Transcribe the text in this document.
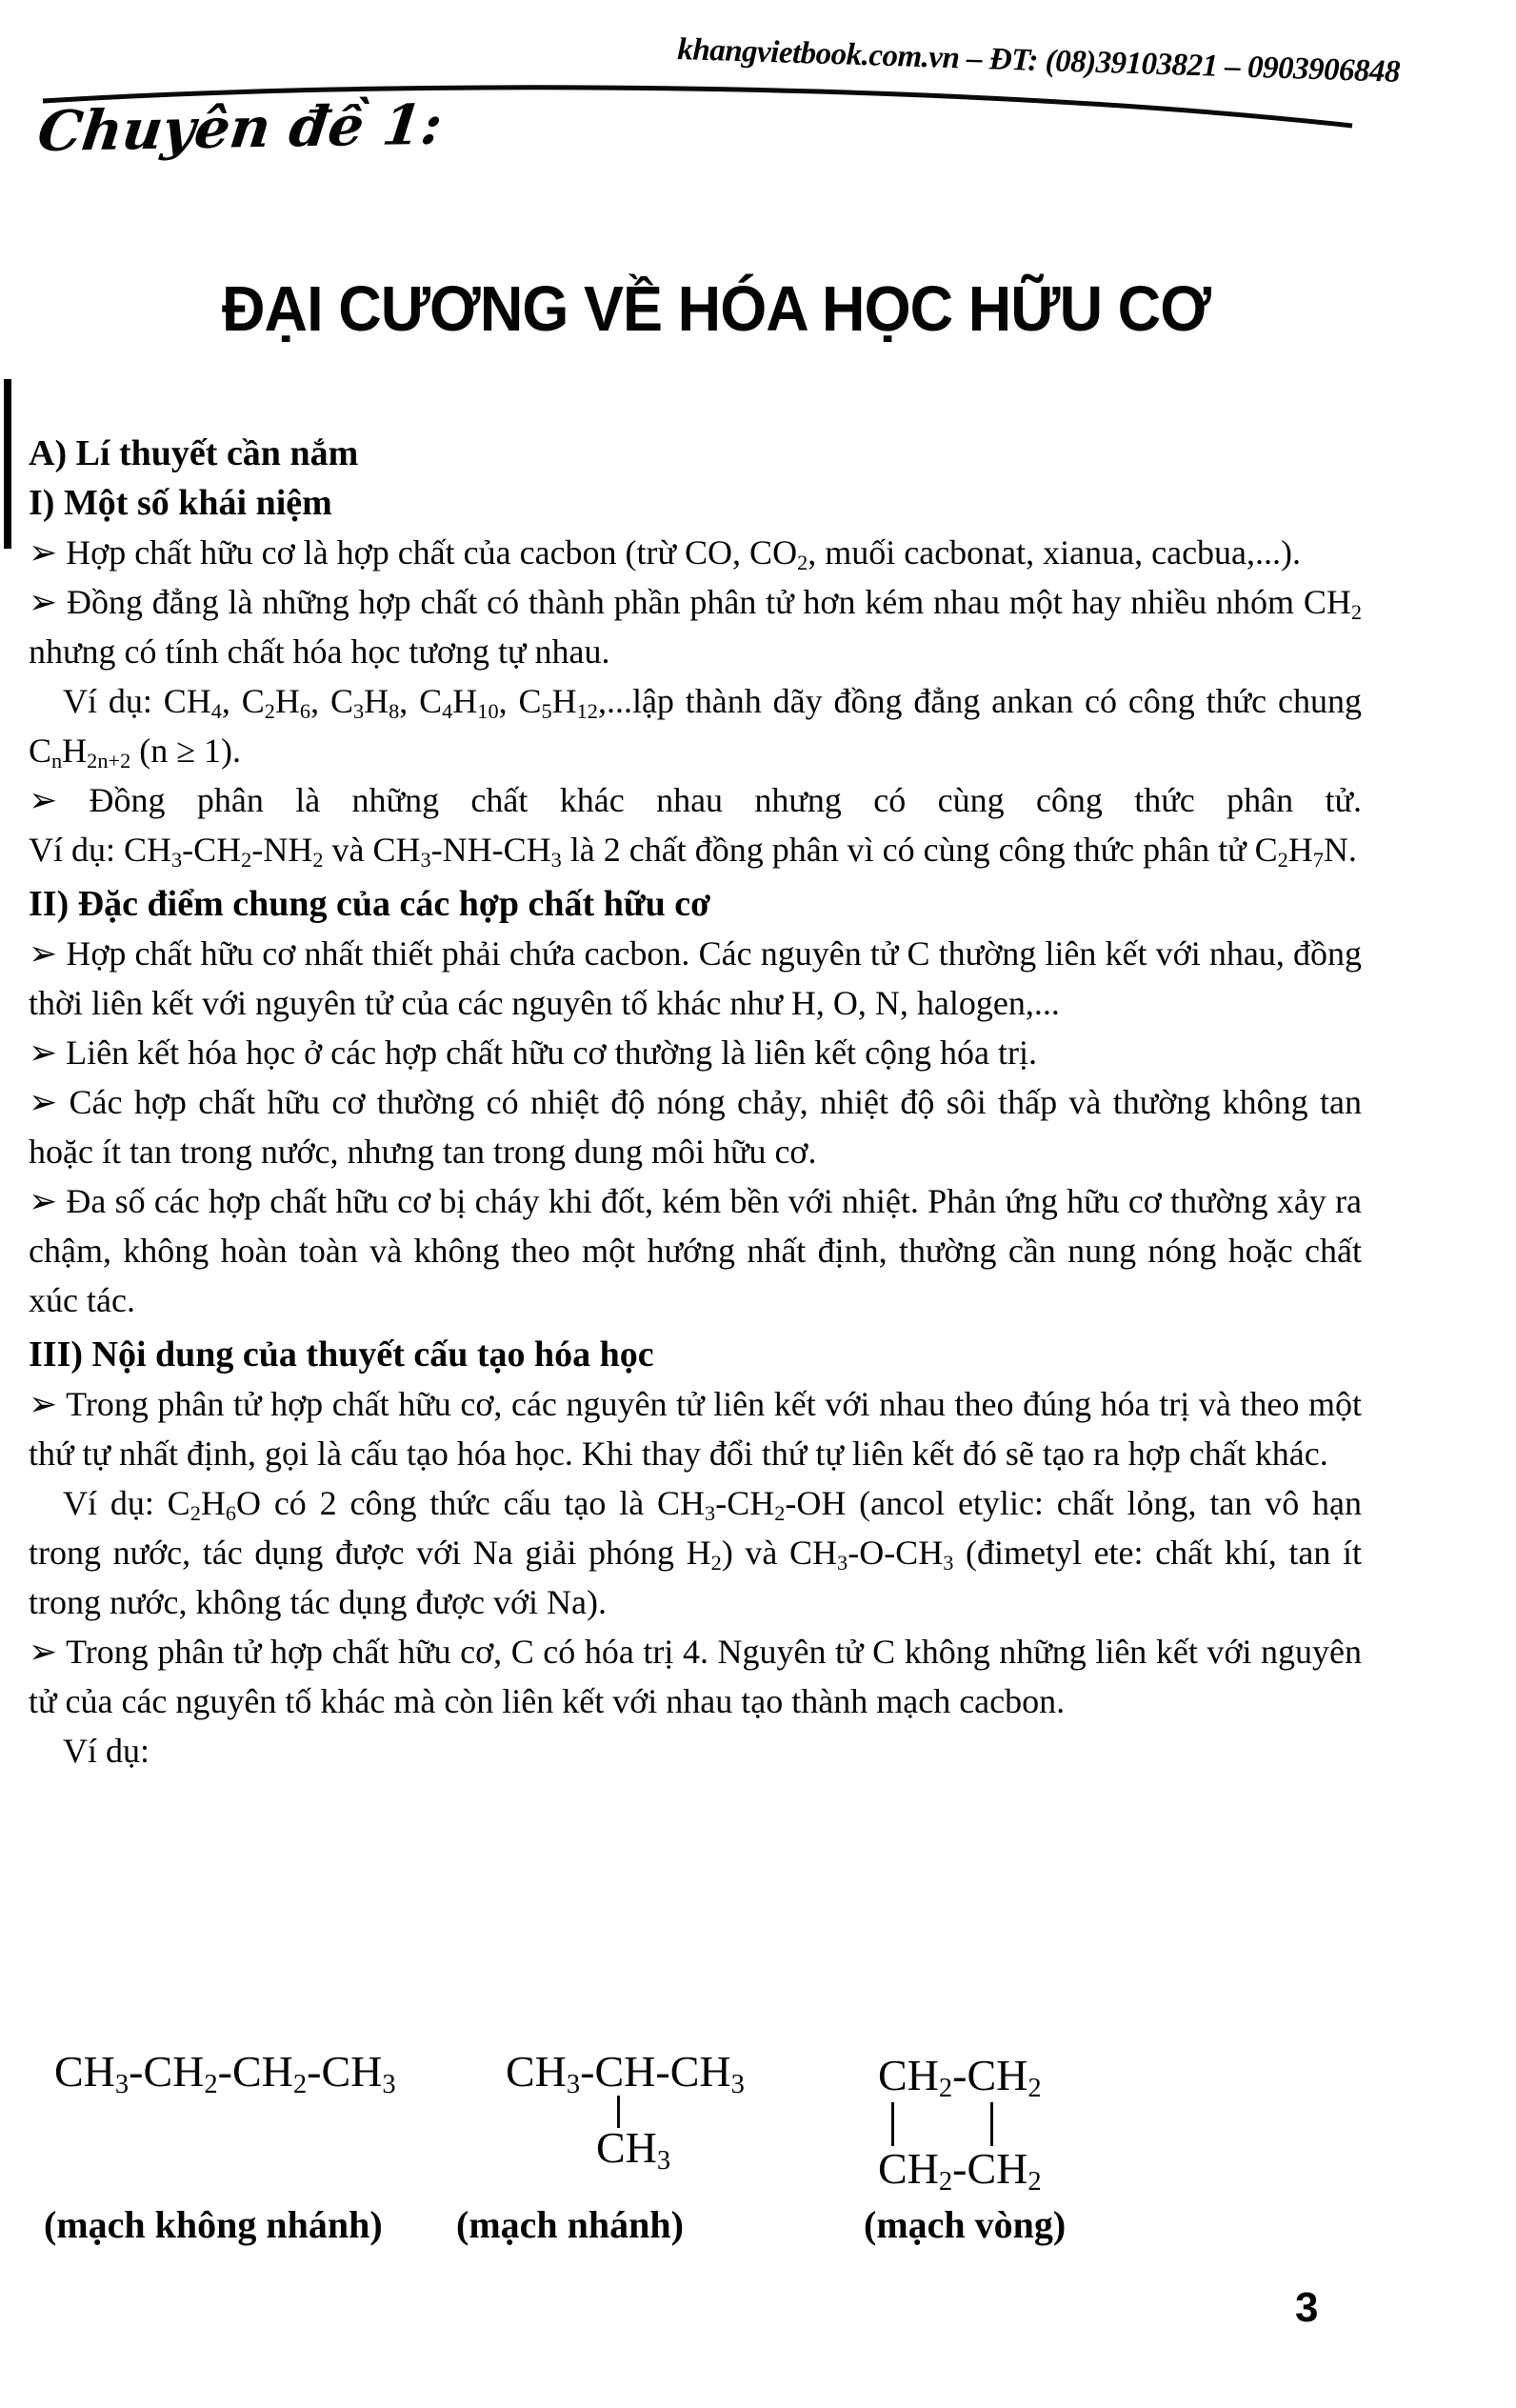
khangvietbook.com.vn – ĐT: (08)39103821 – 0903906848
Chuyên đề 1:
ĐẠI CƯƠNG VỀ HÓA HỌC HỮU CƠ

A) Lí thuyết cần nắm

I) Một số khái niệm

➢ Hợp chất hữu cơ là hợp chất của cacbon (trừ CO, $CO_2$, muối cacbonat, xianua, cacbua,...).

➢ Đồng đẳng là những hợp chất có thành phần phân tử hơn kém nhau một hay nhiều nhóm $CH_2$ nhưng có tính chất hóa học tương tự nhau.

Ví dụ: $CH_4$, $C_2H_6$, $C_3H_8$, $C_4H_{10}$, $C_5H_{12},...lập$ thành dãy đồng đẳng ankan có công thức chung $C_nH_{2n+2}$ (n ≥ 1).

➢ Đồng phân là những chất khác nhau nhưng có cùng công thức phân tử.

Ví dụ: $CH_3-CH_2-NH_2$ và $CH_3-NH-CH_3$ là 2 chất đồng phân vì có cùng công thức phân tử $C_2H_7N$.

II) Đặc điểm chung của các hợp chất hữu cơ

➢ Hợp chất hữu cơ nhất thiết phải chứa cacbon. Các nguyên tử C thường liên kết với nhau, đồng thời liên kết với nguyên tử của các nguyên tố khác như H, O, N, halogen,...

➢ Liên kết hóa học ở các hợp chất hữu cơ thường là liên kết cộng hóa trị.

➢ Các hợp chất hữu cơ thường có nhiệt độ nóng chảy, nhiệt độ sôi thấp và thường không tan hoặc ít tan trong nước, nhưng tan trong dung môi hữu cơ.

➢ Đa số các hợp chất hữu cơ bị cháy khi đốt, kém bền với nhiệt. Phản ứng hữu cơ thường xảy ra chậm, không hoàn toàn và không theo một hướng nhất định, thường cần nung nóng hoặc chất xúc tác.

III) Nội dung của thuyết cấu tạo hóa học

➢ Trong phân tử hợp chất hữu cơ, các nguyên tử liên kết với nhau theo đúng hóa trị và theo một thứ tự nhất định, gọi là cấu tạo hóa học. Khi thay đổi thứ tự liên kết đó sẽ tạo ra hợp chất khác.

Ví dụ: $C_2H_6O$ có 2 công thức cấu tạo là $CH_3-CH_2-OH$ (ancol etylic: chất lỏng, tan vô hạn trong nước, tác dụng được với Na giải phóng $H_2$) và $CH_3-O-CH_3$ (đimetyl ete: chất khí, tan ít trong nước, không tác dụng được với Na).

➢ Trong phân tử hợp chất hữu cơ, C có hóa trị 4. Nguyên tử C không những liên kết với nguyên tử của các nguyên tố khác mà còn liên kết với nhau tạo thành mạch cacbon.

Ví dụ:

$CH_3-CH_2-CH_2-CH_3$	$CH_3-CH-CH_3$
$CH_3$
$CH_2-CH_2$
$CH_2-CH_2$
(mạch không nhánh) (mạch nhánh)	(mạch vòng)
3
